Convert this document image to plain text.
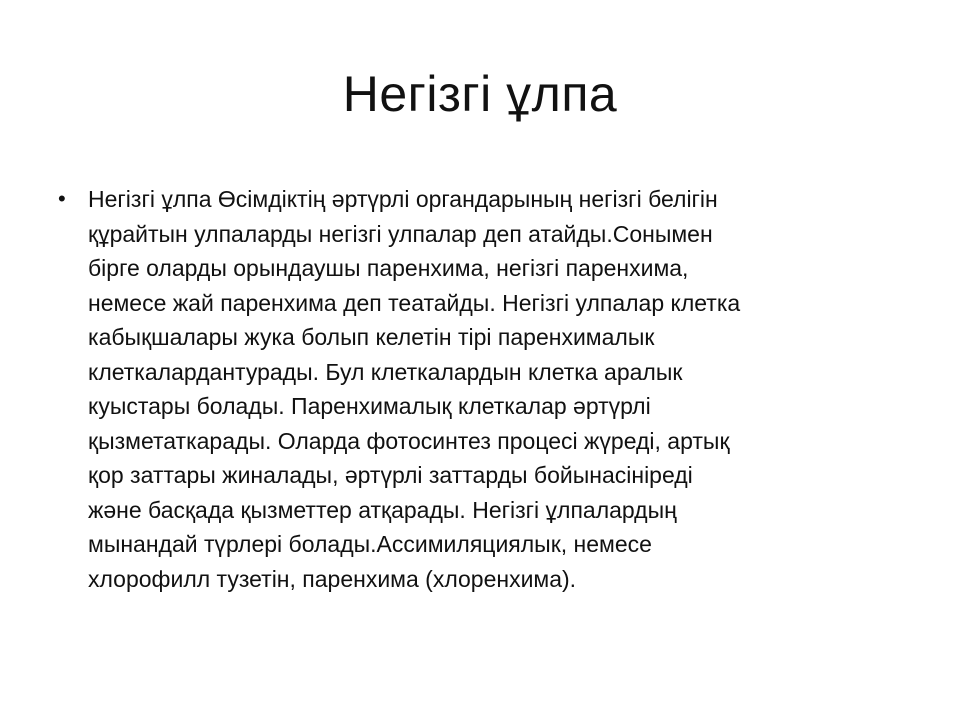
Негізгі ұлпа
• Негізгі ұлпа Өсімдіктің әртүрлі органдарының негізгі белігін
құрайтын улпаларды негізгі улпалар деп атайды.Сонымен
бірге оларды орындаушы паренхима, негізгі паренхима,
немесе жай паренхима деп театайды. Негізгі улпалар клетка
кабықшалары жука болып келетін тірі паренхималык
клеткалардантурады. Бул клеткалардын клетка аралык
куыстары болады. Паренхималық клеткалар әртүрлі
қызметаткарады. Оларда фотосинтез процесі жүреді, артық
қор заттары жиналады, әртүрлі заттарды бойынасініреді
және басқада қызметтер атқарады. Негізгі ұлпалардың
мынандай түрлері болады.Ассимиляциялык, немесе
хлорофилл тузетін, паренхима (хлоренхима).
